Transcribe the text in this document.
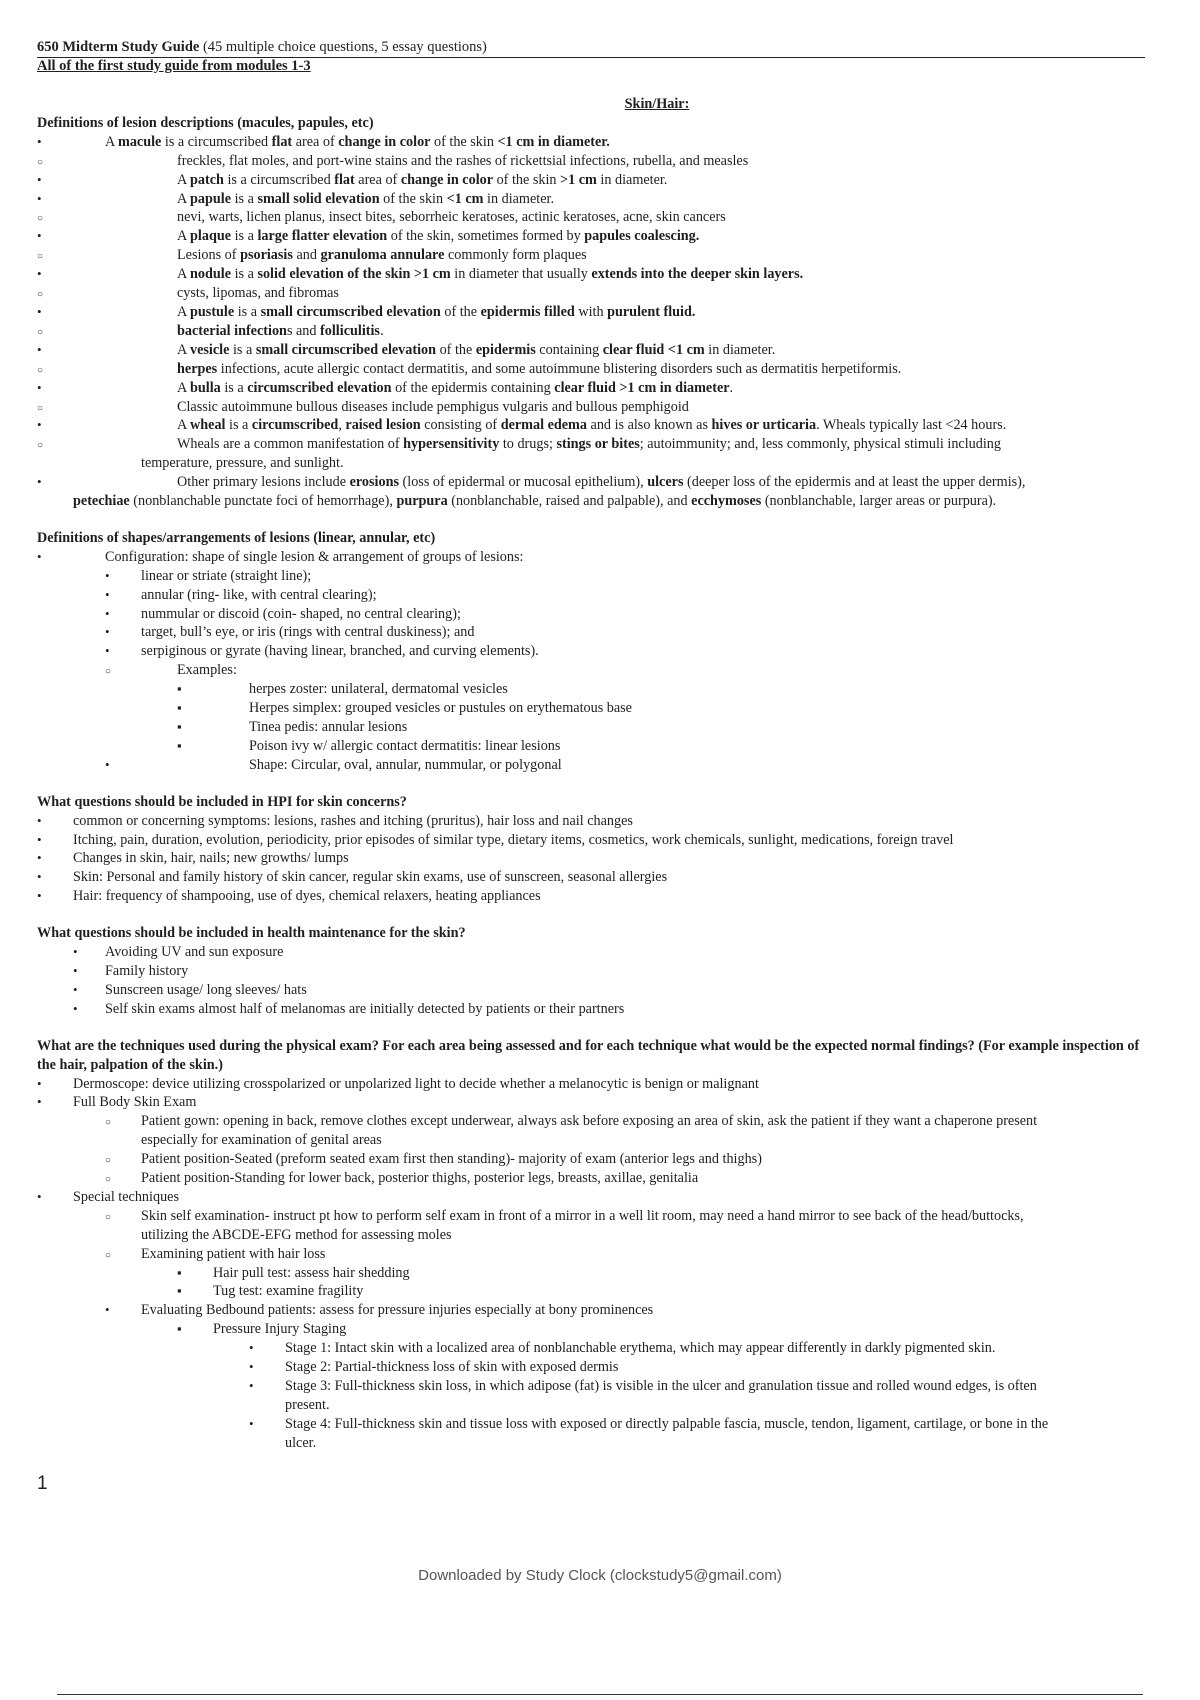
650 Midterm Study Guide (45 multiple choice questions, 5 essay questions)
All of the first study guide from modules 1-3
Skin/Hair:
Definitions of lesion descriptions (macules, papules, etc)
•
A macule is a circumscribed flat area of change in color of the skin <1 cm in diameter.
○
freckles, flat moles, and port-wine stains and the rashes of rickettsial infections, rubella, and measles
•
A patch is a circumscribed flat area of change in color of the skin >1 cm in diameter.
•
A papule is a small solid elevation of the skin <1 cm in diameter.
○
nevi, warts, lichen planus, insect bites, seborrheic keratoses, actinic keratoses, acne, skin cancers
•
A plaque is a large flatter elevation of the skin, sometimes formed by papules coalescing.
○
Lesions of psoriasis and granuloma annulare commonly form plaques
•
A nodule is a solid elevation of the skin >1 cm in diameter that usually extends into the deeper skin layers.
○
cysts, lipomas, and fibromas
•
A pustule is a small circumscribed elevation of the epidermis filled with purulent fluid.
○
bacterial infections and folliculitis.
•
A vesicle is a small circumscribed elevation of the epidermis containing clear fluid <1 cm in diameter.
○
herpes infections, acute allergic contact dermatitis, and some autoimmune blistering disorders such as dermatitis herpetiformis.
•
A bulla is a circumscribed elevation of the epidermis containing clear fluid >1 cm in diameter.
○
Classic autoimmune bullous diseases include pemphigus vulgaris and bullous pemphigoid
•
A wheal is a circumscribed, raised lesion consisting of dermal edema and is also known as hives or urticaria. Wheals typically last <24 hours.
○
Wheals are a common manifestation of hypersensitivity to drugs; stings or bites; autoimmunity; and, less commonly, physical stimuli including
temperature, pressure, and sunlight.
•
Other primary lesions include erosions (loss of epidermal or mucosal epithelium), ulcers (deeper loss of the epidermis and at least the upper dermis),
petechiae (nonblanchable punctate foci of hemorrhage), purpura (nonblanchable, raised and palpable), and ecchymoses (nonblanchable, larger areas or purpura).
Definitions of shapes/arrangements of lesions (linear, annular, etc)
•
Configuration: shape of single lesion & arrangement of groups of lesions:
•
linear or striate (straight line);
•
annular (ring- like, with central clearing);
•
nummular or discoid (coin- shaped, no central clearing);
•
target, bull’s eye, or iris (rings with central duskiness); and
•
serpiginous or gyrate (having linear, branched, and curving elements).
○
Examples:
▪
herpes zoster: unilateral, dermatomal vesicles
▪
Herpes simplex: grouped vesicles or pustules on erythematous base
▪
Tinea pedis: annular lesions
▪
Poison ivy w/ allergic contact dermatitis: linear lesions
•
Shape: Circular, oval, annular, nummular, or polygonal
What questions should be included in HPI for skin concerns?
•
common or concerning symptoms: lesions, rashes and itching (pruritus), hair loss and nail changes
•
Itching, pain, duration, evolution, periodicity, prior episodes of similar type, dietary items, cosmetics, work chemicals, sunlight, medications, foreign travel
•
Changes in skin, hair, nails; new growths/ lumps
•
Skin: Personal and family history of skin cancer, regular skin exams, use of sunscreen, seasonal allergies
•
Hair: frequency of shampooing, use of dyes, chemical relaxers, heating appliances
What questions should be included in health maintenance for the skin?
•
Avoiding UV and sun exposure
•
Family history
•
Sunscreen usage/ long sleeves/ hats
•
Self skin exams almost half of melanomas are initially detected by patients or their partners
What are the techniques used during the physical exam? For each area being assessed and for each technique what would be the expected normal findings? (For example inspection of the hair, palpation of the skin.)
•
Dermoscope: device utilizing crosspolarized or unpolarized light to decide whether a melanocytic is benign or malignant
•
Full Body Skin Exam
○
Patient gown: opening in back, remove clothes except underwear, always ask before exposing an area of skin, ask the patient if they want a chaperone present
especially for examination of genital areas
○
Patient position-Seated (preform seated exam first then standing)- majority of exam (anterior legs and thighs)
○
Patient position-Standing for lower back, posterior thighs, posterior legs, breasts, axillae, genitalia
•
Special techniques
○
Skin self examination- instruct pt how to perform self exam in front of a mirror in a well lit room, may need a hand mirror to see back of the head/buttocks,
utilizing the ABCDE-EFG method for assessing moles
○
Examining patient with hair loss
▪
Hair pull test: assess hair shedding
▪
Tug test: examine fragility
•
Evaluating Bedbound patients: assess for pressure injuries especially at bony prominences
▪
Pressure Injury Staging
•
Stage 1: Intact skin with a localized area of nonblanchable erythema, which may appear differently in darkly pigmented skin.
•
Stage 2: Partial-thickness loss of skin with exposed dermis
•
Stage 3: Full-thickness skin loss, in which adipose (fat) is visible in the ulcer and granulation tissue and rolled wound edges, is often
present.
•
Stage 4: Full-thickness skin and tissue loss with exposed or directly palpable fascia, muscle, tendon, ligament, cartilage, or bone in the
ulcer.
1
Downloaded by Study Clock (clockstudy5@gmail.com)
